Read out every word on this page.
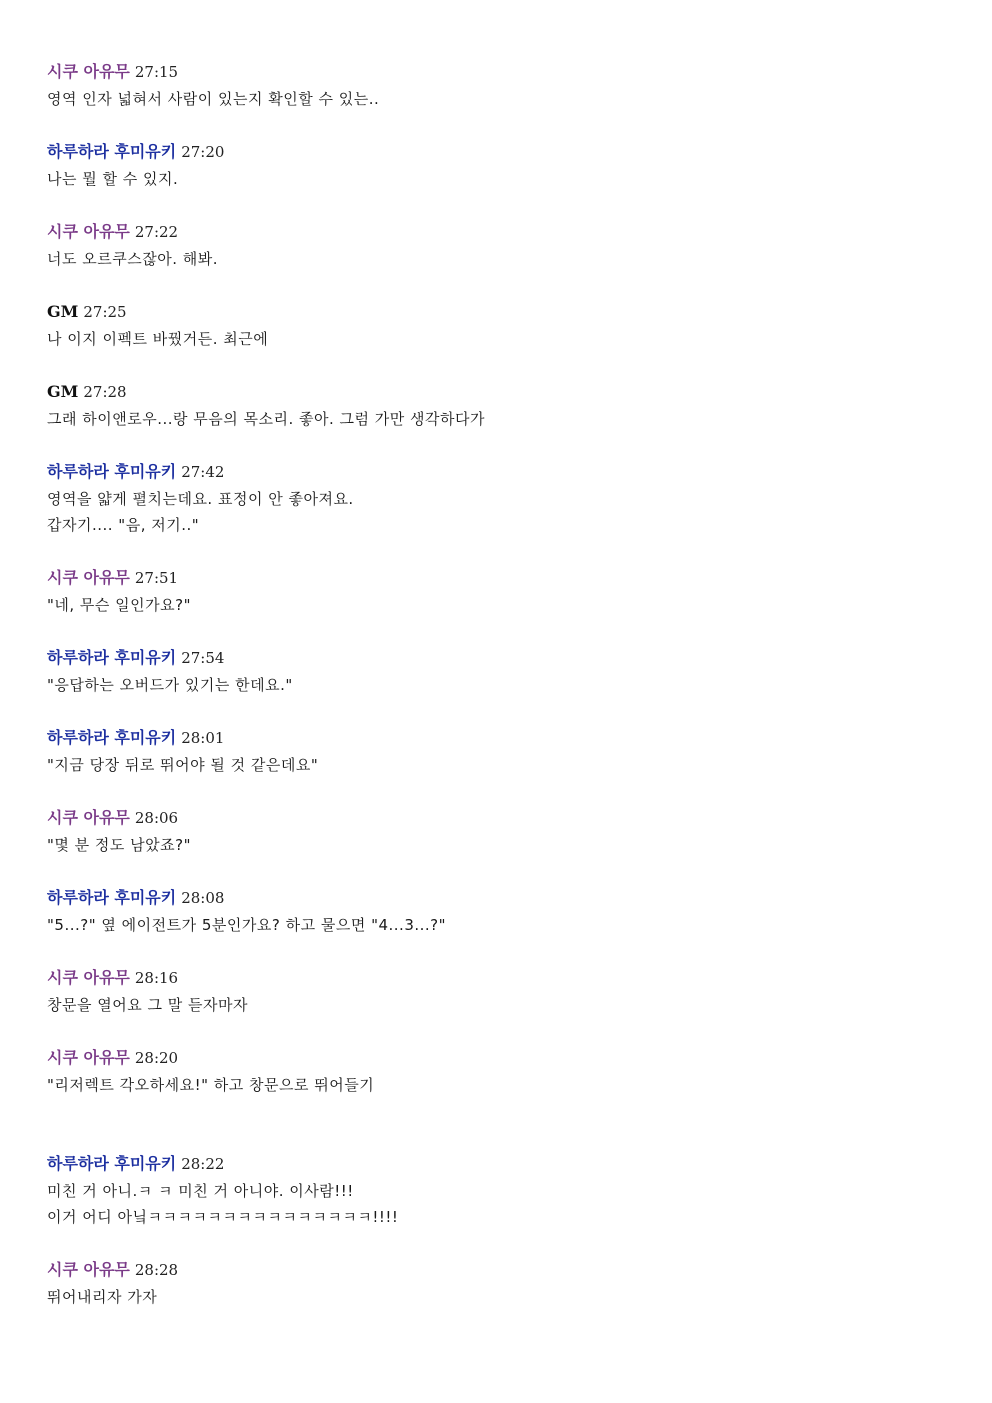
시쿠 아유무 27:15
영역 인자 넓혀서 사람이 있는지 확인할 수 있는..
하루하라 후미유키 27:20
나는 뭘 할 수 있지.
시쿠 아유무 27:22
너도 오르쿠스잖아. 해봐.
GM 27:25
나 이지 이펙트 바꿨거든. 최근에
GM 27:28
그래 하이앤로우...랑 무음의 목소리. 좋아. 그럼 가만 생각하다가
하루하라 후미유키 27:42
영역을 얇게 펼치는데요. 표정이 안 좋아져요.
갑자기.... "음, 저기.."
시쿠 아유무 27:51
"네, 무슨 일인가요?"
하루하라 후미유키 27:54
"응답하는 오버드가 있기는 한데요."
하루하라 후미유키 28:01
"지금 당장 뒤로 뛰어야 될 것 같은데요"
시쿠 아유무 28:06
"몇 분 정도 남았죠?"
하루하라 후미유키 28:08
"5...?" 옆 에이전트가 5분인가요? 하고 물으면 "4...3...?"
시쿠 아유무 28:16
창문을 열어요 그 말 듣자마자
시쿠 아유무 28:20
"리저렉트 각오하세요!" 하고 창문으로 뛰어들기
하루하라 후미유키 28:22
미친 거 아니.ㅋ ㅋ 미친 거 아니야. 이사람!!!
이거 어디 아닠ㅋㅋㅋㅋㅋㅋㅋㅋㅋㅋㅋㅋㅋㅋㅋ!!!!
시쿠 아유무 28:28
뛰어내리자 가자
